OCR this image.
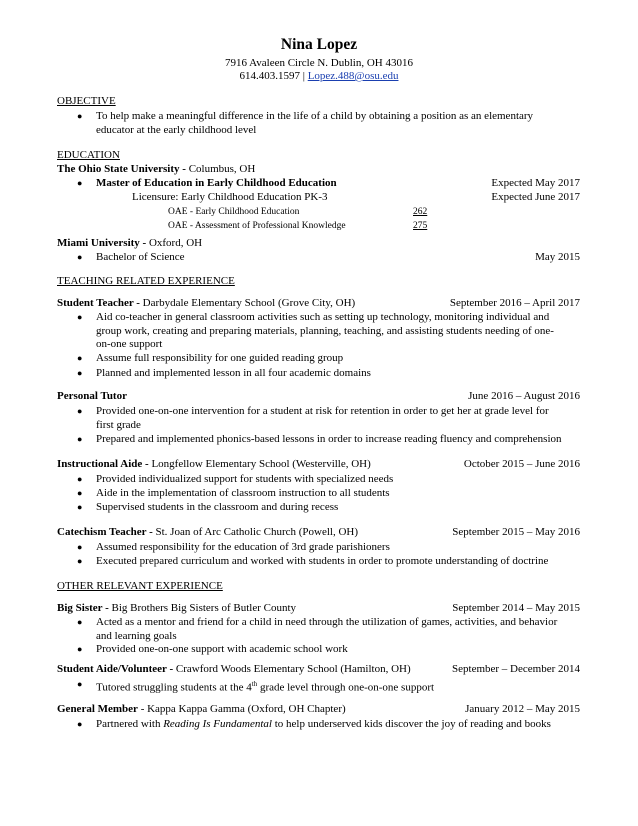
Nina Lopez
7916 Avaleen Circle N. Dublin, OH 43016
614.403.1597 | Lopez.488@osu.edu
OBJECTIVE
● To help make a meaningful difference in the life of a child by obtaining a position as an elementary
educator at the early childhood level
EDUCATION
The Ohio State University - Columbus, OH
● Master of Education in Early Childhood Education	Expected May 2017
Licensure: Early Childhood Education PK-3	Expected June 2017
OAE - Early Childhood Education	262
OAE - Assessment of Professional Knowledge	275
Miami University - Oxford, OH
● Bachelor of Science	May 2015
TEACHING RELATED EXPERIENCE
Student Teacher - Darbydale Elementary School (Grove City, OH)	September 2016 – April 2017
● Aid co-teacher in general classroom activities such as setting up technology, monitoring individual and
group work, creating and preparing materials, planning, teaching, and assisting students needing of one-
on-one support
● Assume full responsibility for one guided reading group
● Planned and implemented lesson in all four academic domains
Personal Tutor	June 2016 – August 2016
● Provided one-on-one intervention for a student at risk for retention in order to get her at grade level for
first grade
● Prepared and implemented phonics-based lessons in order to increase reading fluency and comprehension
Instructional Aide - Longfellow Elementary School (Westerville, OH)	October 2015 – June 2016
● Provided individualized support for students with specialized needs
● Aide in the implementation of classroom instruction to all students
● Supervised students in the classroom and during recess
Catechism Teacher - St. Joan of Arc Catholic Church (Powell, OH)	September 2015 – May 2016
● Assumed responsibility for the education of 3rd grade parishioners
● Executed prepared curriculum and worked with students in order to promote understanding of doctrine
OTHER RELEVANT EXPERIENCE
Big Sister - Big Brothers Big Sisters of Butler County	September 2014 – May 2015
● Acted as a mentor and friend for a child in need through the utilization of games, activities, and behavior
and learning goals
● Provided one-on-one support with academic school work
Student Aide/Volunteer - Crawford Woods Elementary School (Hamilton, OH)	September – December 2014
● Tutored struggling students at the 4th grade level through one-on-one support
General Member - Kappa Kappa Gamma (Oxford, OH Chapter)	January 2012 – May 2015
● Partnered with Reading Is Fundamental to help underserved kids discover the joy of reading and books
